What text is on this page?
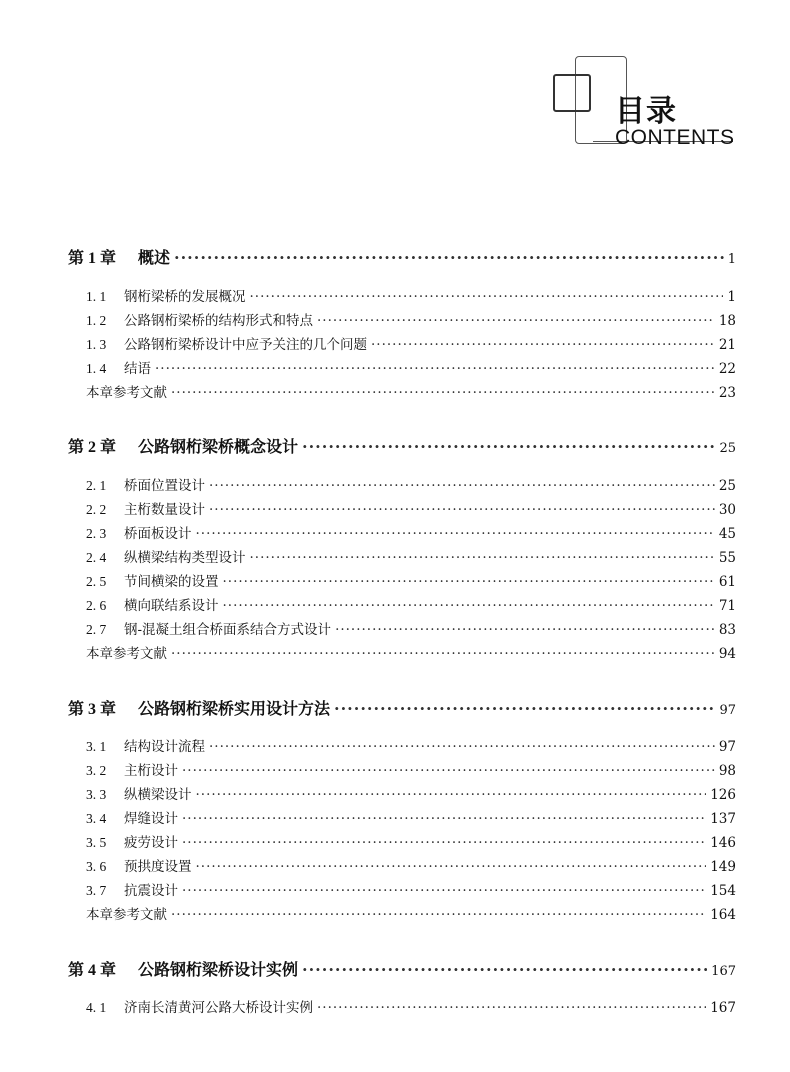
目录
CONTENTS
第 1 章 概述 ·····	1
1. 1 钢桁梁桥的发展概况 ·····	1
1. 2 公路钢桁梁桥的结构形式和特点 ·····	18
1. 3 公路钢桁梁桥设计中应予关注的几个问题 ·····	21
1. 4 结语 ·····	22
本章参考文献 ·····	23
第 2 章 公路钢桁梁桥概念设计 ·····	25
2. 1 桥面位置设计 ·····	25
2. 2 主桁数量设计 ·····	30
2. 3 桥面板设计 ·····	45
2. 4 纵横梁结构类型设计 ·····	55
2. 5 节间横梁的设置 ·····	61
2. 6 横向联结系设计 ·····	71
2. 7 钢-混凝土组合桥面系结合方式设计 ·····	83
本章参考文献 ·····	94
第 3 章 公路钢桁梁桥实用设计方法 ·····	97
3. 1 结构设计流程 ·····	97
3. 2 主桁设计 ·····	98
3. 3 纵横梁设计 ·····	126
3. 4 焊缝设计 ·····	137
3. 5 疲劳设计 ·····	146
3. 6 预拱度设置 ·····	149
3. 7 抗震设计 ·····	154
本章参考文献 ·····	164
第 4 章 公路钢桁梁桥设计实例 ·····	167
4. 1 济南长清黄河公路大桥设计实例 ·····	167
